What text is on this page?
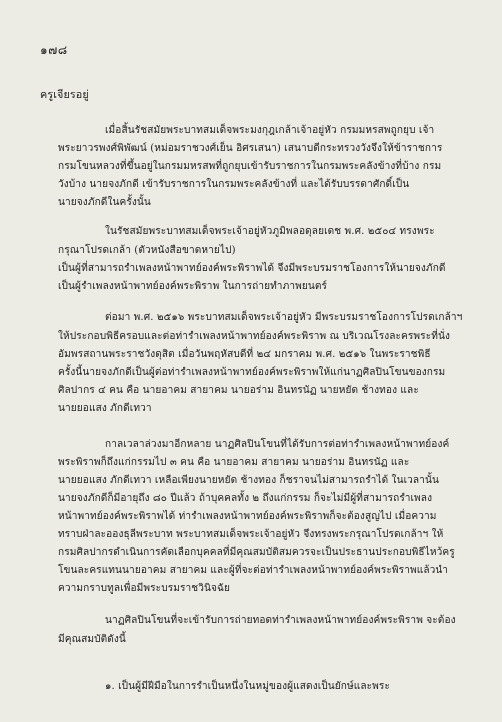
๑๗๘
ครูเจียรอยู่
เมื่อสิ้นรัชสมัยพระบาทสมเด็จพระมงกุฎเกล้าเจ้าอยู่หัว กรมมหรสพถูกยุบ เจ้า
พระยาวรพงศ์พิพัฒน์ (หม่อมราชวงศ์เย็น อิศรเสนา) เสนาบดีกระทรวงวังจึงให้ข้าราชการ
กรมโขนหลวงที่ขึ้นอยู่ในกรมมหรสพที่ถูกยุบเข้ารับราชการในกรมพระคลังข้างที่บ้าง กรม
วังบ้าง นายจงภักดี เข้ารับราชการในกรมพระคลังข้างที่ และได้รับบรรดาศักดิ์เป็น
นายจงภักดีในครั้งนั้น
ในรัชสมัยพระบาทสมเด็จพระเจ้าอยู่หัวภูมิพลอดุลยเดช พ.ศ. ๒๕๐๔ ทรงพระ
กรุณาโปรดเกล้า (ตัวหนังสือขาดหายไป)
เป็นผู้ที่สามารถรำเพลงหน้าพาทย์องค์พระพิราพได้ จึงมีพระบรมราชโองการให้นายจงภักดี
เป็นผู้รำเพลงหน้าพาทย์องค์พระพิราพ ในการถ่ายทำภาพยนตร์
ต่อมา พ.ศ. ๒๕๑๖ พระบาทสมเด็จพระเจ้าอยู่หัว มีพระบรมราชโองการโปรดเกล้าฯ
ให้ประกอบพิธีครอบและต่อท่ารำเพลงหน้าพาทย์องค์พระพิราพ ณ บริเวณโรงละครพระที่นั่ง
อัมพรสถานพระราชวังดุสิต เมื่อวันพฤหัสบดีที่ ๒๔ มกราคม พ.ศ. ๒๕๑๖ ในพระราชพิธี
ครั้งนี้นายจงภักดีเป็นผู้ต่อท่ารำเพลงหน้าพาทย์องค์พระพิราพให้แก่นาฏศิลปินโขนของกรม
ศิลปากร ๔ คน คือ นายอาคม สายาคม นายอร่าม อินทรนัฏ นายหยัด ช้างทอง และ
นายยอแสง ภักดีเทวา
กาลเวลาล่วงมาอีกหลาย นาฏศิลปินโขนที่ได้รับการต่อท่ารำเพลงหน้าพาทย์องค์
พระพิราพก็ถึงแก่กรรมไป ๓ คน คือ นายอาคม สายาคม นายอร่าม อินทรนัฏ และ
นายยอแสง ภักดีเทวา เหลือเพียงนายหยัด ช้างทอง ก็ชราจนไม่สามารถรำได้ ในเวลานั้น
นายจงภักดีก็มีอายุถึง ๘๐ ปีแล้ว ถ้าบุคคลทั้ง ๒ ถึงแก่กรรม ก็จะไม่มีผู้ที่สามารถรำเพลง
หน้าพาทย์องค์พระพิราพได้ ท่ารำเพลงหน้าพาทย์องค์พระพิราพก็จะต้องสูญไป เมื่อความ
ทราบฝ่าละอองธุลีพระบาท พระบาทสมเด็จพระเจ้าอยู่หัว จึงทรงพระกรุณาโปรดเกล้าฯ ให้
กรมศิลปากรดำเนินการคัดเลือกบุคคลที่มีคุณสมบัติสมควรจะเป็นประธานประกอบพิธีไหว้ครู
โขนละครแทนนายอาคม สายาคม และผู้ที่จะต่อท่ารำเพลงหน้าพาทย์องค์พระพิราพแล้วนำ
ความกราบทูลเพื่อมีพระบรมราชวินิจฉัย
นาฏศิลปินโขนที่จะเข้ารับการถ่ายทอดท่ารำเพลงหน้าพาทย์องค์พระพิราพ จะต้อง
มีคุณสมบัติดังนี้
๑. เป็นผู้มีฝีมือในการรำเป็นหนึ่งในหมู่ของผู้แสดงเป็นยักษ์และพระ
